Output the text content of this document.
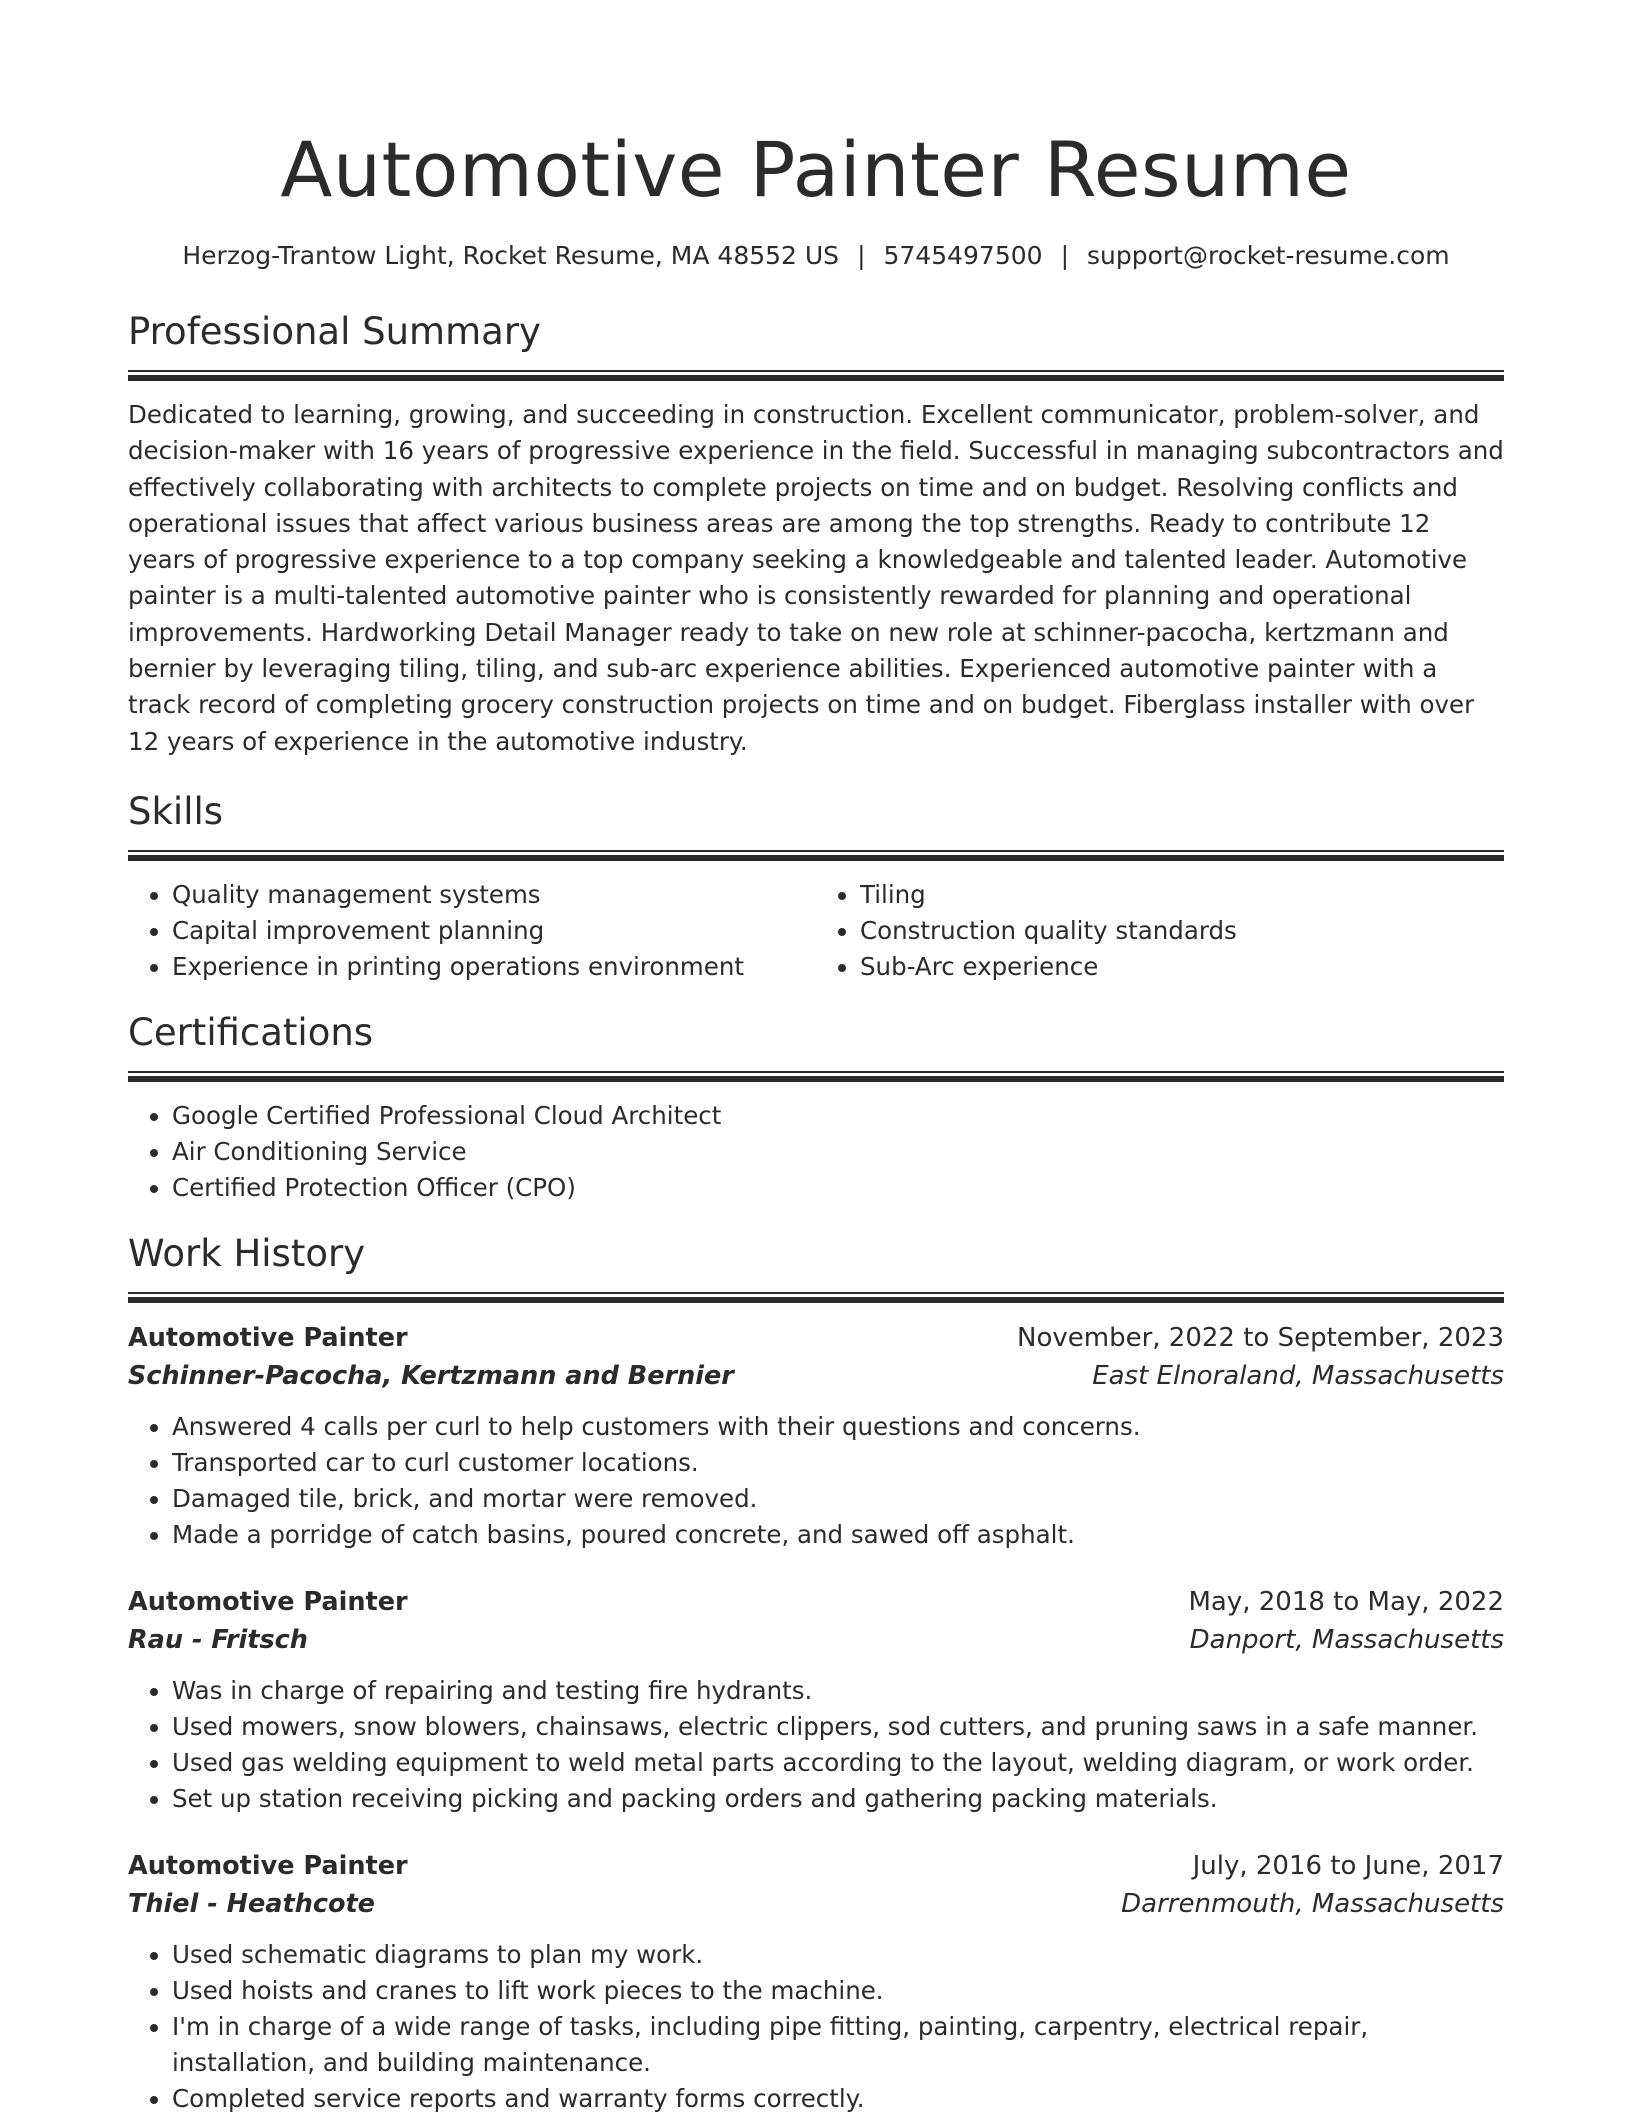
Automotive Painter Resume
Herzog-Trantow Light, Rocket Resume, MA 48552 US | 5745497500 | support@rocket-resume.com
Professional Summary

Dedicated to learning, growing, and succeeding in construction. Excellent communicator, problem-solver, and decision-maker with 16 years of progressive experience in the field. Successful in managing subcontractors and effectively collaborating with architects to complete projects on time and on budget. Resolving conflicts and operational issues that affect various business areas are among the top strengths. Ready to contribute 12 years of progressive experience to a top company seeking a knowledgeable and talented leader. Automotive painter is a multi-talented automotive painter who is consistently rewarded for planning and operational improvements. Hardworking Detail Manager ready to take on new role at schinner-pacocha, kertzmann and bernier by leveraging tiling, tiling, and sub-arc experience abilities. Experienced automotive painter with a track record of completing grocery construction projects on time and on budget. Fiberglass installer with over 12 years of experience in the automotive industry.

Skills
• Quality management systems
• Capital improvement planning
• Experience in printing operations environment
• Tiling
• Construction quality standards
• Sub-Arc experience
Certifications
• Google Certified Professional Cloud Architect
• Air Conditioning Service
• Certified Protection Officer (CPO)
Work History
Automotive Painter	November, 2022 to September, 2023
Schinner-Pacocha, Kertzmann and Bernier	East Elnoraland, Massachusetts
• Answered 4 calls per curl to help customers with their questions and concerns.
• Transported car to curl customer locations.
• Damaged tile, brick, and mortar were removed.
• Made a porridge of catch basins, poured concrete, and sawed off asphalt.
Automotive Painter	May, 2018 to May, 2022
Rau - Fritsch	Danport, Massachusetts
• Was in charge of repairing and testing fire hydrants.
• Used mowers, snow blowers, chainsaws, electric clippers, sod cutters, and pruning saws in a safe manner.
• Used gas welding equipment to weld metal parts according to the layout, welding diagram, or work order.
• Set up station receiving picking and packing orders and gathering packing materials.
Automotive Painter	July, 2016 to June, 2017
Thiel - Heathcote	Darrenmouth, Massachusetts
• Used schematic diagrams to plan my work.
• Used hoists and cranes to lift work pieces to the machine.
• I'm in charge of a wide range of tasks, including pipe fitting, painting, carpentry, electrical repair, installation, and building maintenance.
• Completed service reports and warranty forms correctly.
